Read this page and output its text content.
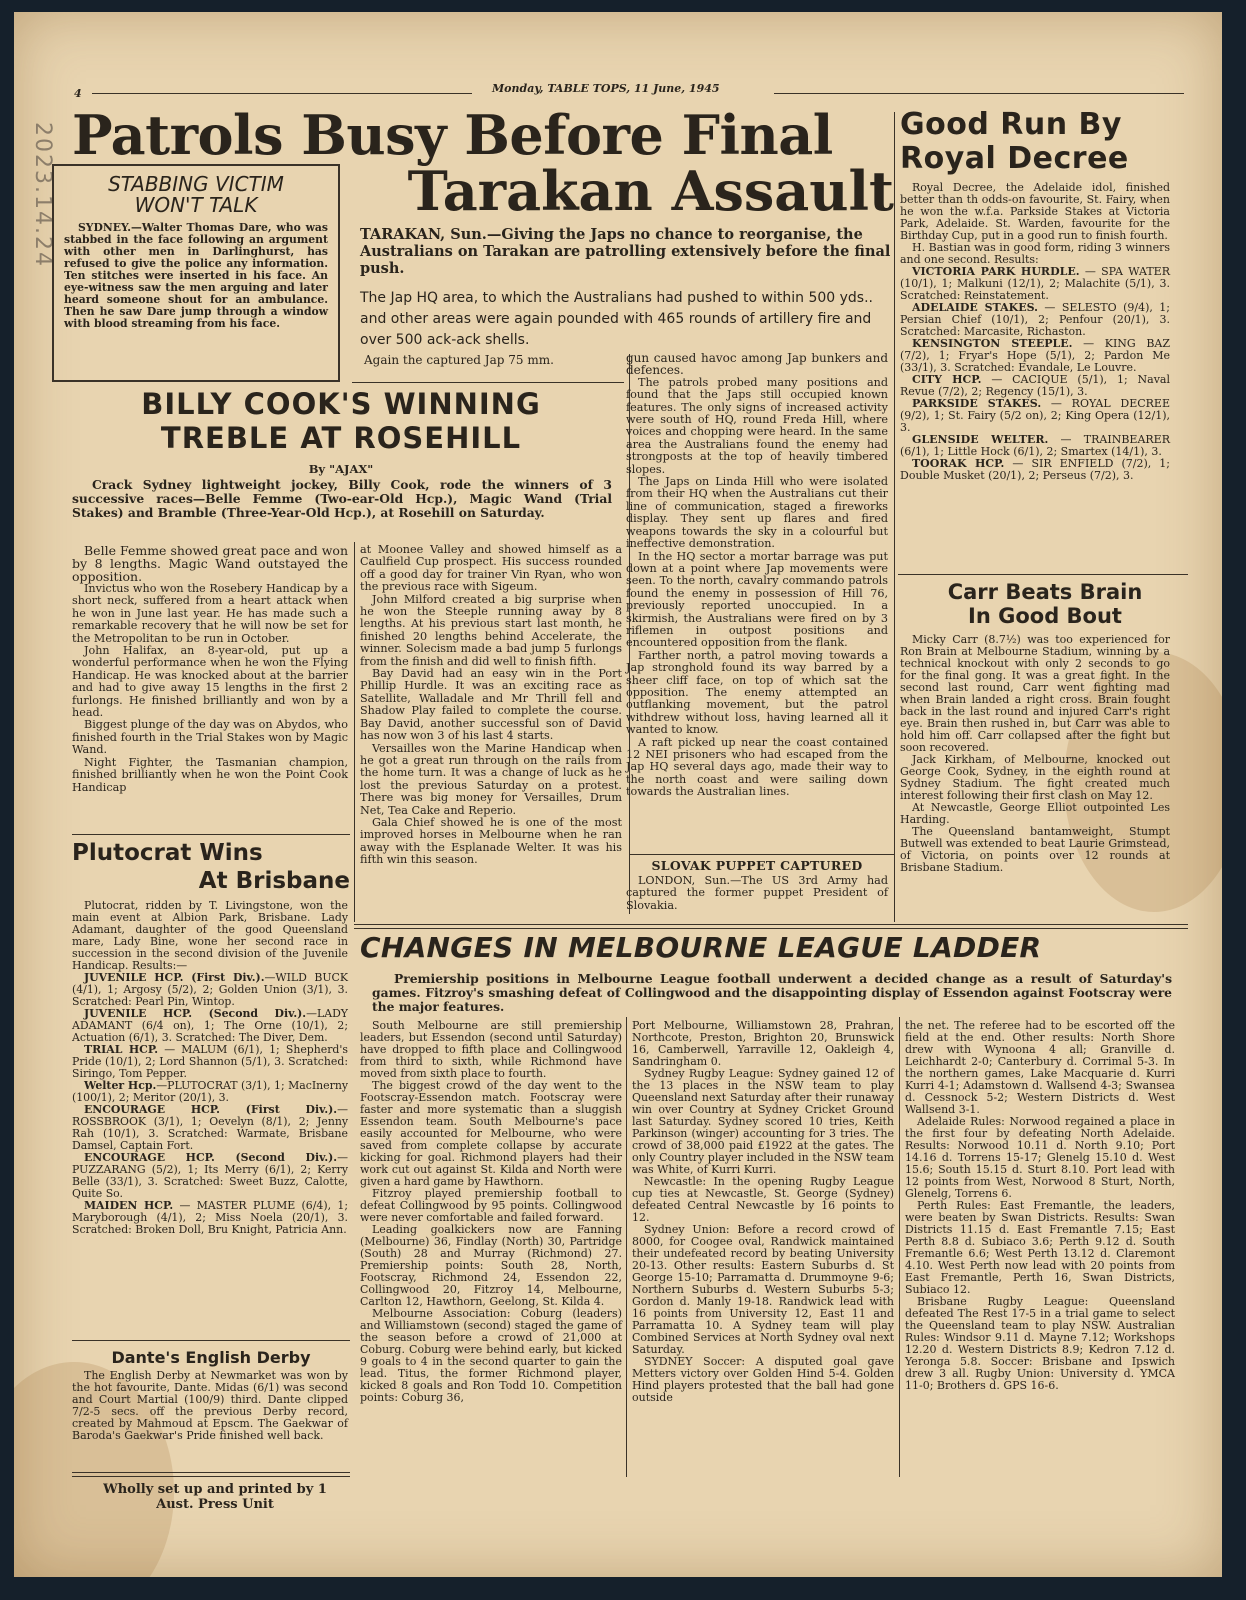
2023.14.24
4	Monday, TABLE TOPS, 11 June, 1945
Patrols Busy Before Final
Tarakan Assault
STABBING VICTIM
WON'T TALK

SYDNEY.—Walter Thomas Dare, who was stabbed in the face following an argument with other men in Darlinghurst, has refused to give the police any information. Ten stitches were inserted in his face. An eye-witness saw the men arguing and later heard someone shout for an ambulance. Then he saw Dare jump through a window with blood streaming from his face.

TARAKAN, Sun.—Giving the Japs no chance to reorganise, the Australians on Tarakan are patrolling extensively before the final push.
The Jap HQ area, to which the Australians had pushed to within 500 yds.. and other areas were again pounded with 465 rounds of artillery fire and over 500 ack-ack shells.
Again the captured Jap 75 mm.	gun caused havoc among Jap bunkers and defences.

The patrols probed many positions and found that the Japs still occupied known features. The only signs of increased activity were south of HQ, round Freda Hill, where voices and chopping were heard. In the same area the Australians found the enemy had strongposts at the top of heavily timbered slopes.

The Japs on Linda Hill who were isolated from their HQ when the Australians cut their line of communication, staged a fireworks display. They sent up flares and fired weapons towards the sky in a colourful but ineffective demonstration.

In the HQ sector a mortar barrage was put down at a point where Jap movements were seen. To the north, cavalry commando patrols found the enemy in possession of Hill 76, previously reported unoccupied. In a skirmish, the Australians were fired on by 3 riflemen in outpost positions and encountered opposition from the flank.

Farther north, a patrol moving towards a Jap stronghold found its way barred by a sheer cliff face, on top of which sat the opposition. The enemy attempted an outflanking movement, but the patrol withdrew without loss, having learned all it wanted to know.

A raft picked up near the coast contained 12 NEI prisoners who had escaped from the Jap HQ several days ago, made their way to the north coast and were sailing down towards the Australian lines.

SLOVAK PUPPET CAPTURED

LONDON, Sun.—The US 3rd Army had captured the former puppet President of Slovakia.

BILLY COOK'S WINNING
TREBLE AT ROSEHILL
By "AJAX"
Crack Sydney lightweight jockey, Billy Cook, rode the winners of 3 successive races—Belle Femme (Two-ear-Old Hcp.), Magic Wand (Trial Stakes) and Bramble (Three-Year-Old Hcp.), at Rosehill on Saturday.

Belle Femme showed great pace and won by 8 lengths. Magic Wand outstayed the opposition.

Invictus who won the Rosebery Handicap by a short neck, suffered from a heart attack when he won in June last year. He has made such a remarkable recovery that he will now be set for the Metropolitan to be run in October.

John Halifax, an 8-year-old, put up a wonderful performance when he won the Flying Handicap. He was knocked about at the barrier and had to give away 15 lengths in the first 2 furlongs. He finished brilliantly and won by a head.

Biggest plunge of the day was on Abydos, who finished fourth in the Trial Stakes won by Magic Wand.

Night Fighter, the Tasmanian champion, finished brilliantly when he won the Point Cook Handicap

at Moonee Valley and showed himself as a Caulfield Cup prospect. His success rounded off a good day for trainer Vin Ryan, who won the previous race with Sigeum.

John Milford created a big surprise when he won the Steeple running away by 8 lengths. At his previous start last month, he finished 20 lengths behind Accelerate, the winner. Solecism made a bad jump 5 furlongs from the finish and did well to finish fifth.

Bay David had an easy win in the Port Phillip Hurdle. It was an exciting race as Satellite, Walladale and Mr Thrill fell and Shadow Play failed to complete the course. Bay David, another successful son of David has now won 3 of his last 4 starts.

Versailles won the Marine Handicap when he got a great run through on the rails from the home turn. It was a change of luck as he lost the previous Saturday on a protest. There was big money for Versailles, Drum Net, Tea Cake and Reperio.

Gala Chief showed he is one of the most improved horses in Melbourne when he ran away with the Esplanade Welter. It was his fifth win this season.

Good Run By
Royal Decree

Royal Decree, the Adelaide idol, finished better than th odds-on favourite, St. Fairy, when he won the w.f.a. Parkside Stakes at Victoria Park, Adelaide. St. Warden, favourite for the Birthday Cup, put in a good run to finish fourth.

H. Bastian was in good form, riding 3 winners and one second. Results:

VICTORIA PARK HURDLE. — SPA WATER (10/1), 1; Malkuni (12/1), 2; Malachite (5/1), 3. Scratched: Reinstatement.

ADELAIDE STAKES. — SELESTO (9/4), 1; Persian Chief (10/1), 2; Penfour (20/1), 3. Scratched: Marcasite, Richaston.

KENSINGTON STEEPLE. — KING BAZ (7/2), 1; Fryar's Hope (5/1), 2; Pardon Me (33/1), 3. Scratched: Evandale, Le Louvre.

CITY HCP. — CACIQUE (5/1), 1; Naval Revue (7/2), 2; Regency (15/1), 3.

PARKSIDE STAKES. — ROYAL DECREE (9/2), 1; St. Fairy (5/2 on), 2; King Opera (12/1), 3.

GLENSIDE WELTER. — TRAINBEARER (6/1), 1; Little Hock (6/1), 2; Smartex (14/1), 3.

TOORAK HCP. — SIR ENFIELD (7/2), 1; Double Musket (20/1), 2; Perseus (7/2), 3.

Carr Beats Brain
In Good Bout

Micky Carr (8.7½) was too experienced for Ron Brain at Melbourne Stadium, winning by a technical knockout with only 2 seconds to go for the final gong. It was a great fight. In the second last round, Carr went fighting mad when Brain landed a right cross. Brain fought back in the last round and injured Carr's right eye. Brain then rushed in, but Carr was able to hold him off. Carr collapsed after the fight but soon recovered.

Jack Kirkham, of Melbourne, knocked out George Cook, Sydney, in the eighth round at Sydney Stadium. The fight created much interest following their first clash on May 12.

At Newcastle, George Elliot outpointed Les Harding.

The Queensland bantamweight, Stumpt Butwell was extended to beat Laurie Grimstead, of Victoria, on points over 12 rounds at Brisbane Stadium.

Plutocrat Wins
At Brisbane

Plutocrat, ridden by T. Livingstone, won the main event at Albion Park, Brisbane. Lady Adamant, daughter of the good Queensland mare, Lady Bine, wone her second race in succession in the second division of the Juvenile Handicap. Results:—

JUVENILE HCP. (First Div.).—WILD BUCK (4/1), 1; Argosy (5/2), 2; Golden Union (3/1), 3. Scratched: Pearl Pin, Wintop.

JUVENILE HCP. (Second Div.).—LADY ADAMANT (6/4 on), 1; The Orne (10/1), 2; Actuation (6/1), 3. Scratched: The Diver, Dem.

TRIAL HCP. — MALUM (6/1), 1; Shepherd's Pride (10/1), 2; Lord Shannon (5/1), 3. Scratched: Siringo, Tom Pepper.

Welter Hcp.—PLUTOCRAT (3/1), 1; MacInerny (100/1), 2; Meritor (20/1), 3.

ENCOURAGE HCP. (First Div.).—ROSSBROOK (3/1), 1; Oevelyn (8/1), 2; Jenny Rah (10/1), 3. Scratched: Warmate, Brisbane Damsel, Captain Fort.

ENCOURAGE HCP. (Second Div.).—PUZZARANG (5/2), 1; Its Merry (6/1), 2; Kerry Belle (33/1), 3. Scratched: Sweet Buzz, Calotte, Quite So.

MAIDEN HCP. — MASTER PLUME (6/4), 1; Maryborough (4/1), 2; Miss Noela (20/1), 3. Scratched: Broken Doll, Bru Knight, Patricia Ann.

Dante's English Derby

The English Derby at Newmarket was won by the hot favourite, Dante. Midas (6/1) was second and Court Martial (100/9) third. Dante clipped 7/2-5 secs. off the previous Derby record, created by Mahmoud at Epscm. The Gaekwar of Baroda's Gaekwar's Pride finished well back.

Wholly set up and printed by 1 Aust. Press Unit
CHANGES IN MELBOURNE LEAGUE LADDER
Premiership positions in Melbourne League football underwent a decided change as a result of Saturday's games. Fitzroy's smashing defeat of Collingwood and the disappointing display of Essendon against Footscray were the major features.

South Melbourne are still premiership leaders, but Essendon (second until Saturday) have dropped to fifth place and Collingwood from third to sixth, while Richmond have moved from sixth place to fourth.

The biggest crowd of the day went to the Footscray-Essendon match. Footscray were faster and more systematic than a sluggish Essendon team. South Melbourne's pace easily accounted for Melbourne, who were saved from complete collapse by accurate kicking for goal. Richmond players had their work cut out against St. Kilda and North were given a hard game by Hawthorn.

Fitzroy played premiership football to defeat Collingwood by 95 points. Collingwood were never comfortable and failed forward.

Leading goalkickers now are Fanning (Melbourne) 36, Findlay (North) 30, Partridge (South) 28 and Murray (Richmond) 27. Premiership points: South 28, North, Footscray, Richmond 24, Essendon 22, Collingwood 20, Fitzroy 14, Melbourne, Carlton 12, Hawthorn, Geelong, St. Kilda 4.

Melbourne Association: Coburg (leaders) and Williamstown (second) staged the game of the season before a crowd of 21,000 at Coburg. Coburg were behind early, but kicked 9 goals to 4 in the second quarter to gain the lead. Titus, the former Richmond player, kicked 8 goals and Ron Todd 10. Competition points: Coburg 36,

Port Melbourne, Williamstown 28, Prahran, Northcote, Preston, Brighton 20, Brunswick 16, Camberwell, Yarraville 12, Oakleigh 4, Sandringham 0.

Sydney Rugby League: Sydney gained 12 of the 13 places in the NSW team to play Queensland next Saturday after their runaway win over Country at Sydney Cricket Ground last Saturday. Sydney scored 10 tries, Keith Parkinson (winger) accounting for 3 tries. The crowd of 38,000 paid £1922 at the gates. The only Country player included in the NSW team was White, of Kurri Kurri.

Newcastle: In the opening Rugby League cup ties at Newcastle, St. George (Sydney) defeated Central Newcastle by 16 points to 12.

Sydney Union: Before a record crowd of 8000, for Coogee oval, Randwick maintained their undefeated record by beating University 20-13. Other results: Eastern Suburbs d. St George 15-10; Parramatta d. Drummoyne 9-6; Northern Suburbs d. Western Suburbs 5-3; Gordon d. Manly 19-18. Randwick lead with 16 points from University 12, East 11 and Parramatta 10. A Sydney team will play Combined Services at North Sydney oval next Saturday.

SYDNEY Soccer: A disputed goal gave Metters victory over Golden Hind 5-4. Golden Hind players protested that the ball had gone outside

the net. The referee had to be escorted off the field at the end. Other results: North Shore drew with Wynoona 4 all; Granville d. Leichhardt 2-0; Canterbury d. Corrimal 5-3. In the northern games, Lake Macquarie d. Kurri Kurri 4-1; Adamstown d. Wallsend 4-3; Swansea d. Cessnock 5-2; Western Districts d. West Wallsend 3-1.

Adelaide Rules: Norwood regained a place in the first four by defeating North Adelaide. Results: Norwood 10.11 d. North 9.10; Port 14.16 d. Torrens 15-17; Glenelg 15.10 d. West 15.6; South 15.15 d. Sturt 8.10. Port lead with 12 points from West, Norwood 8 Sturt, North, Glenelg, Torrens 6.

Perth Rules: East Fremantle, the leaders, were beaten by Swan Districts. Results: Swan Districts 11.15 d. East Fremantle 7.15; East Perth 8.8 d. Subiaco 3.6; Perth 9.12 d. South Fremantle 6.6; West Perth 13.12 d. Claremont 4.10. West Perth now lead with 20 points from East Fremantle, Perth 16, Swan Districts, Subiaco 12.

Brisbane Rugby League: Queensland defeated The Rest 17-5 in a trial game to select the Queensland team to play NSW. Australian Rules: Windsor 9.11 d. Mayne 7.12; Workshops 12.20 d. Western Districts 8.9; Kedron 7.12 d. Yeronga 5.8. Soccer: Brisbane and Ipswich drew 3 all. Rugby Union: University d. YMCA 11-0; Brothers d. GPS 16-6.
